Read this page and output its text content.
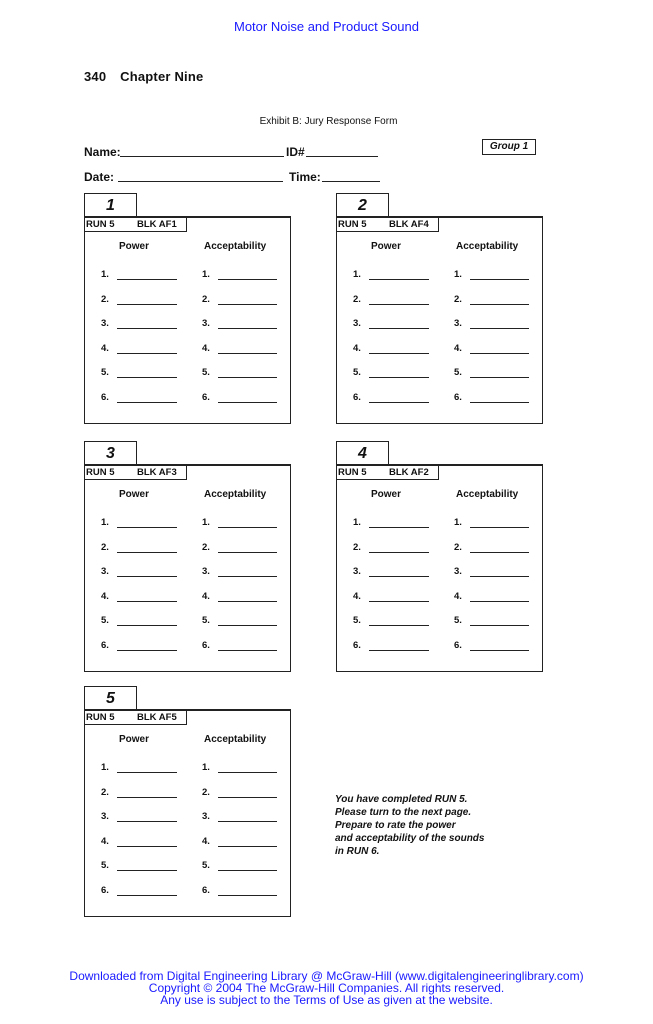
Motor Noise and Product Sound
340 Chapter Nine
Exhibit B: Jury Response Form
Name:	ID#	Group 1
Date:	Time:
1
RUN 5 BLK AF1
Power	Acceptability
1.	1.
2.	2.
3.	3.
4.	4.
5.	5.
6.	6.
2
RUN 5 BLK AF4
Power	Acceptability
1.	1.
2.	2.
3.	3.
4.	4.
5.	5.
6.	6.
3
RUN 5 BLK AF3
Power	Acceptability
1.	1.
2.	2.
3.	3.
4.	4.
5.	5.
6.	6.
4
RUN 5 BLK AF2
Power	Acceptability
1.	1.
2.	2.
3.	3.
4.	4.
5.	5.
6.	6.
5
RUN 5 BLK AF5
Power	Acceptability
1.	1.
2.	2.
3.	3.
4.	4.
5.	5.
6.	6.
You have completed RUN 5.
Please turn to the next page.
Prepare to rate the power
and acceptability of the sounds
in RUN 6.
Downloaded from Digital Engineering Library @ McGraw-Hill (www.digitalengineeringlibrary.com)
Copyright © 2004 The McGraw-Hill Companies. All rights reserved.
Any use is subject to the Terms of Use as given at the website.
